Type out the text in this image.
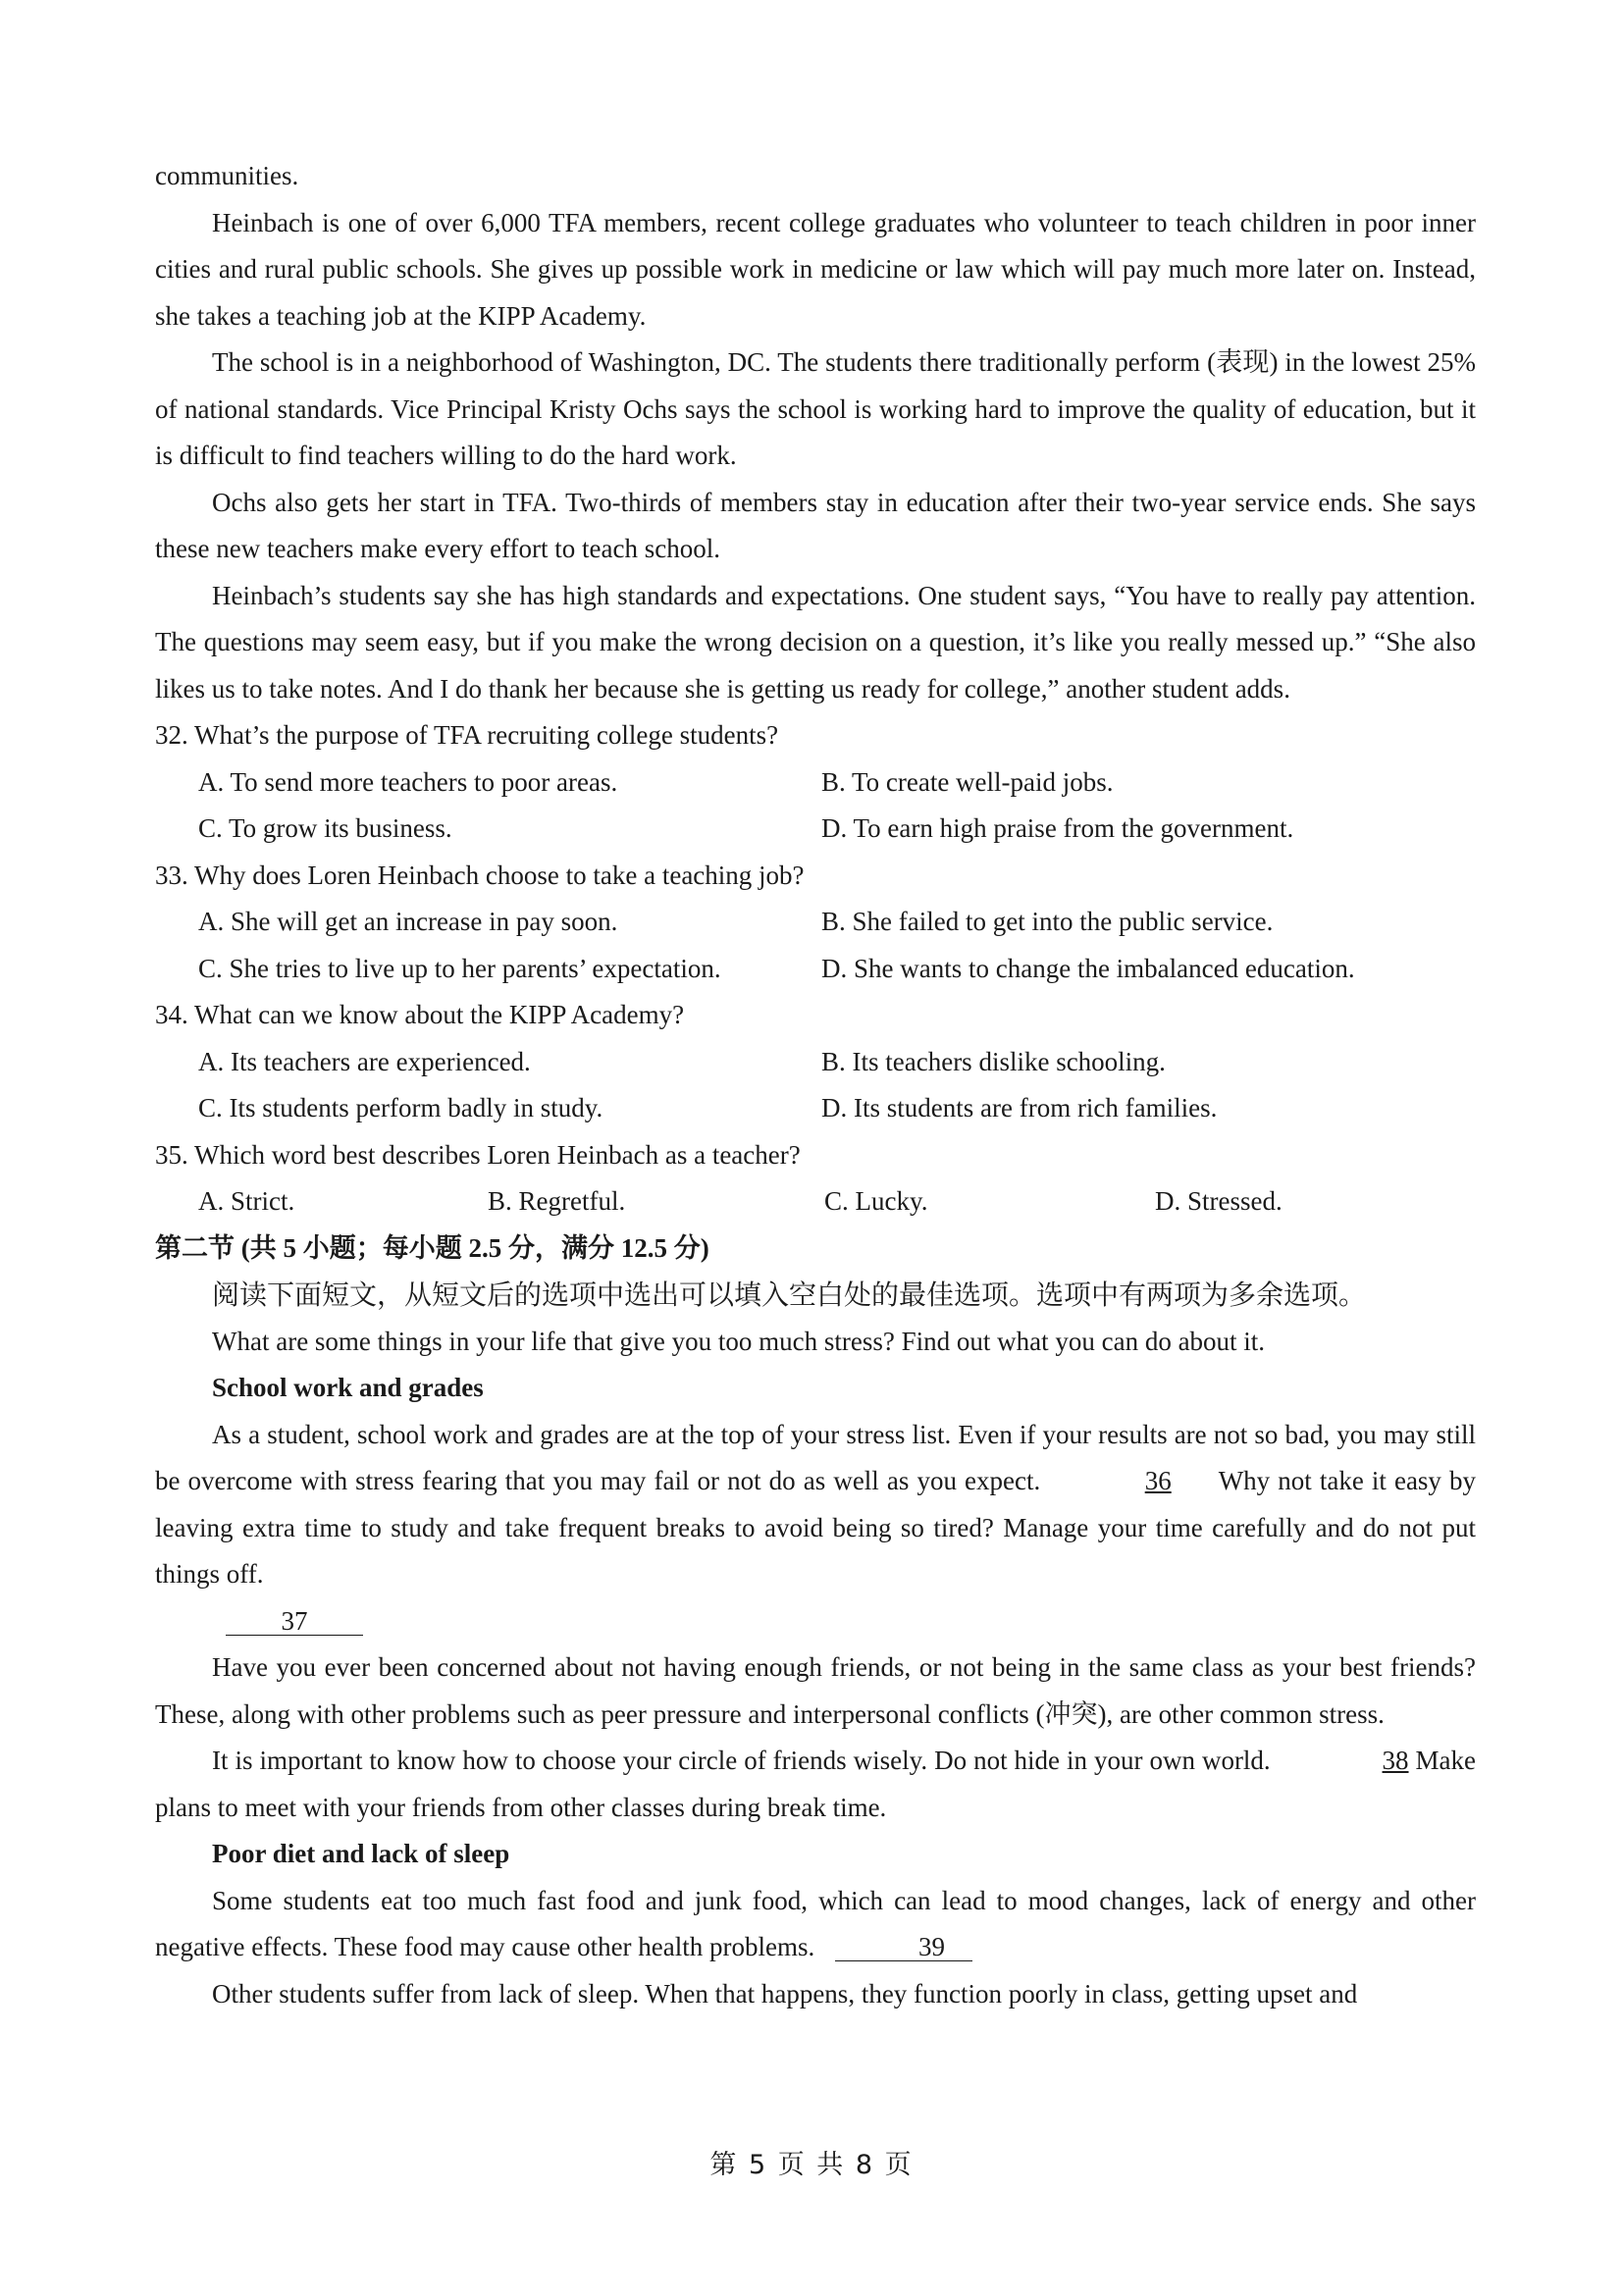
communities.

Heinbach is one of over 6,000 TFA members, recent college graduates who volunteer to teach children in poor inner cities and rural public schools. She gives up possible work in medicine or law which will pay much more later on. Instead, she takes a teaching job at the KIPP Academy.

The school is in a neighborhood of Washington, DC. The students there traditionally perform (表现) in the lowest 25% of national standards. Vice Principal Kristy Ochs says the school is working hard to improve the quality of education, but it is difficult to find teachers willing to do the hard work.

Ochs also gets her start in TFA. Two-thirds of members stay in education after their two-year service ends. She says these new teachers make every effort to teach school.

Heinbach’s students say she has high standards and expectations. One student says, “You have to really pay attention. The questions may seem easy, but if you make the wrong decision on a question, it’s like you really messed up.” “She also likes us to take notes. And I do thank her because she is getting us ready for college,” another student adds.

32. What’s the purpose of TFA recruiting college students?
A. To send more teachers to poor areas.	B. To create well-paid jobs.
C. To grow its business.	D. To earn high praise from the government.
33. Why does Loren Heinbach choose to take a teaching job?
A. She will get an increase in pay soon.	B. She failed to get into the public service.
C. She tries to live up to her parents’ expectation.	D. She wants to change the imbalanced education.
34. What can we know about the KIPP Academy?
A. Its teachers are experienced.	B. Its teachers dislike schooling.
C. Its students perform badly in study.	D. Its students are from rich families.
35. Which word best describes Loren Heinbach as a teacher?
A. Strict.	B. Regretful.	C. Lucky.	D. Stressed.
第二节 (共 5 小题；每小题 2.5 分，满分 12.5 分)
阅读下面短文，从短文后的选项中选出可以填入空白处的最佳选项。选项中有两项为多余选项。

What are some things in your life that give you too much stress? Find out what you can do about it.

School work and grades

As a student, school work and grades are at the top of your stress list. Even if your results are not so bad, you may still be overcome with stress fearing that you may fail or not do as well as you expect.	36 Why not take it easy by leaving extra time to study and take frequent breaks to avoid being so tired? Manage your time carefully and do not put things off.

37

Have you ever been concerned about not having enough friends, or not being in the same class as your best friends? These, along with other problems such as peer pressure and interpersonal conflicts (冲突), are other common stress.

It is important to know how to choose your circle of friends wisely. Do not hide in your own world.	38 Make plans to meet with your friends from other classes during break time.

Poor diet and lack of sleep

Some students eat too much fast food and junk food, which can lead to mood changes, lack of energy and other negative effects. These food may cause other health problems.	39

Other students suffer from lack of sleep. When that happens, they function poorly in class, getting upset and

第 5 页 共 8 页
